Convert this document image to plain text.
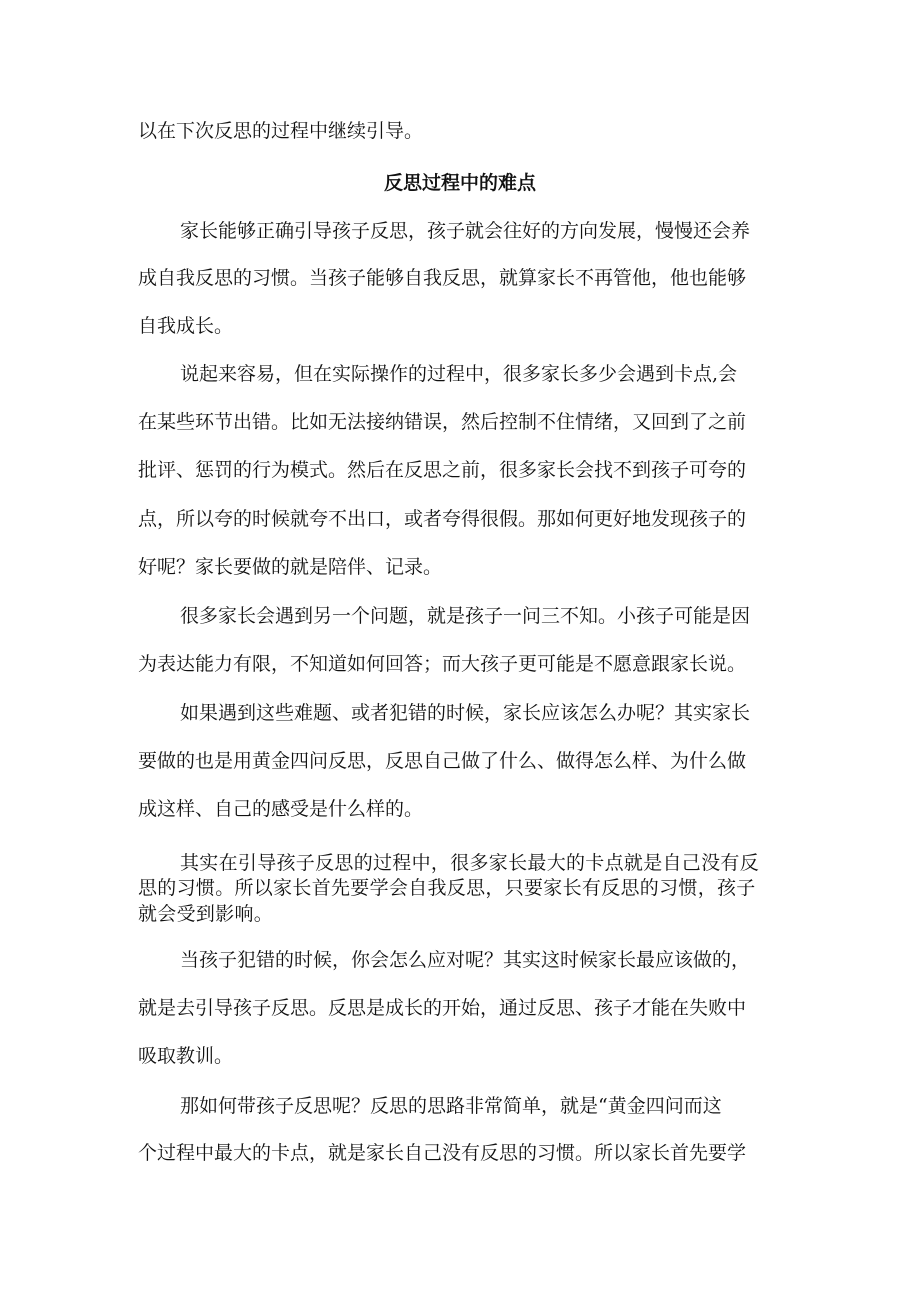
以在下次反思的过程中继续引导。
反思过程中的难点
家长能够正确引导孩子反思，孩子就会往好的方向发展，慢慢还会养
成自我反思的习惯。当孩子能够自我反思，就算家长不再管他，他也能够
自我成长。
说起来容易，但在实际操作的过程中，很多家长多少会遇到卡点,会
在某些环节出错。比如无法接纳错误，然后控制不住情绪，又回到了之前
批评、惩罚的行为模式。然后在反思之前，很多家长会找不到孩子可夸的
点，所以夸的时候就夸不出口，或者夸得很假。那如何更好地发现孩子的
好呢？家长要做的就是陪伴、记录。
很多家长会遇到另一个问题，就是孩子一问三不知。小孩子可能是因
为表达能力有限，不知道如何回答；而大孩子更可能是不愿意跟家长说。
如果遇到这些难题、或者犯错的时候，家长应该怎么办呢？其实家长
要做的也是用黄金四问反思，反思自己做了什么、做得怎么样、为什么做
成这样、自己的感受是什么样的。
其实在引导孩子反思的过程中，很多家长最大的卡点就是自己没有反
思的习惯。所以家长首先要学会自我反思，只要家长有反思的习惯，孩子
就会受到影响。
当孩子犯错的时候，你会怎么应对呢？其实这时候家长最应该做的，
就是去引导孩子反思。反思是成长的开始，通过反思、孩子才能在失败中
吸取教训。
那如何带孩子反思呢？反思的思路非常简单，就是“黄金四问而这
个过程中最大的卡点，就是家长自己没有反思的习惯。所以家长首先要学
